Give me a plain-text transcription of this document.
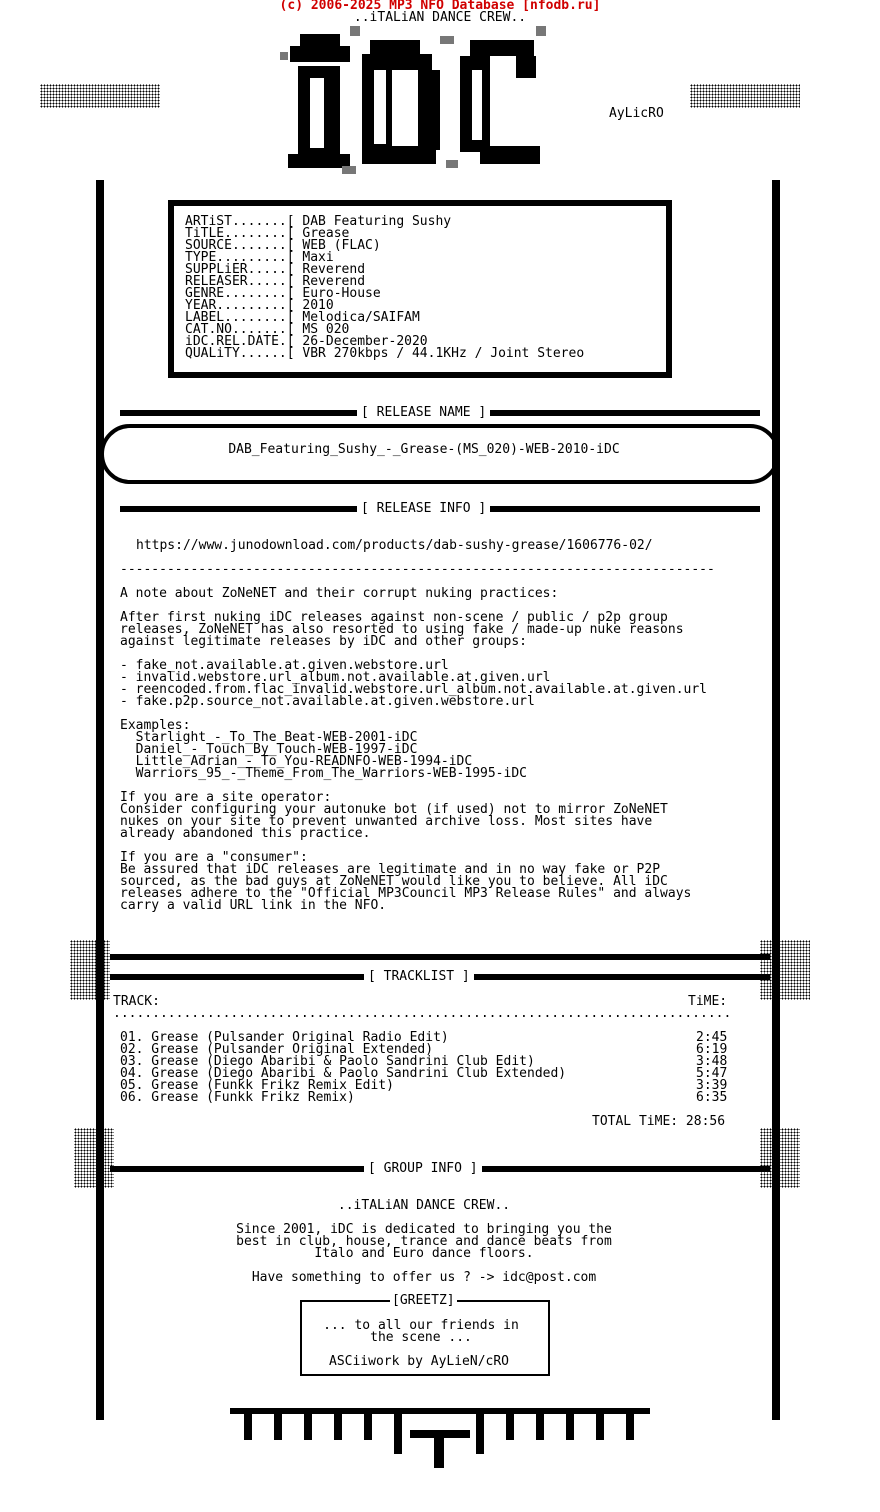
(c) 2006-2025 MP3 NFO Database [nfodb.ru]
..iTALiAN DANCE CREW..
AyLicRO
ARTiST.......[ DAB Featuring Sushy
TiTLE........[ Grease
SOURCE.......[ WEB (FLAC)
TYPE.........[ Maxi
SUPPLiER.....[ Reverend
RELEASER.....[ Reverend
GENRE........[ Euro-House
YEAR.........[ 2010
LABEL........[ Melodica/SAIFAM
CAT.NO.......[ MS 020
iDC.REL.DATE.[ 26-December-2020
QUALiTY......[ VBR 270kbps / 44.1KHz / Joint Stereo
[ RELEASE NAME ]
DAB_Featuring_Sushy_-_Grease-(MS_020)-WEB-2010-iDC
[ RELEASE INFO ]
https://www.junodownload.com/products/dab-sushy-grease/1606776-02/
----------------------------------------------------------------------------
A note about ZoNeNET and their corrupt nuking practices:
After first nuking iDC releases against non-scene / public / p2p group
releases, ZoNeNET has also resorted to using fake / made-up nuke reasons
against legitimate releases by iDC and other groups:
- fake_not.available.at.given.webstore.url
- invalid.webstore.url_album.not.available.at.given.url
- reencoded.from.flac_invalid.webstore.url_album.not.available.at.given.url
- fake.p2p.source_not.available.at.given.webstore.url
Examples:
Starlight_-_To_The_Beat-WEB-2001-iDC
Daniel_-_Touch_By_Touch-WEB-1997-iDC
Little_Adrian_-_To_You-READNFO-WEB-1994-iDC
Warriors_95_-_Theme_From_The_Warriors-WEB-1995-iDC
If you are a site operator:
Consider configuring your autonuke bot (if used) not to mirror ZoNeNET
nukes on your site to prevent unwanted archive loss. Most sites have
already abandoned this practice.
If you are a "consumer":
Be assured that iDC releases are legitimate and in no way fake or P2P
sourced, as the bad guys at ZoNeNET would like you to believe. All iDC
releases adhere to the "Official MP3Council MP3 Release Rules" and always
carry a valid URL link in the NFO.
[ TRACKLIST ]
TRACK:	TiME:
...............................................................................
01. Grease (Pulsander Original Radio Edit)	2:45
02. Grease (Pulsander Original Extended)	6:19
03. Grease (Diego Abaribi & Paolo Sandrini Club Edit)	3:48
04. Grease (Diego Abaribi & Paolo Sandrini Club Extended)	5:47
05. Grease (Funkk Frikz Remix Edit)	3:39
06. Grease (Funkk Frikz Remix)	6:35
TOTAL TiME: 28:56
[ GROUP INFO ]
..iTALiAN DANCE CREW..
Since 2001, iDC is dedicated to bringing you the
best in club, house, trance and dance beats from
Italo and Euro dance floors.
Have something to offer us ? -> idc@post.com
[GREETZ]
... to all our friends in
the scene ...
ASCiiwork by AyLieN/cRO
